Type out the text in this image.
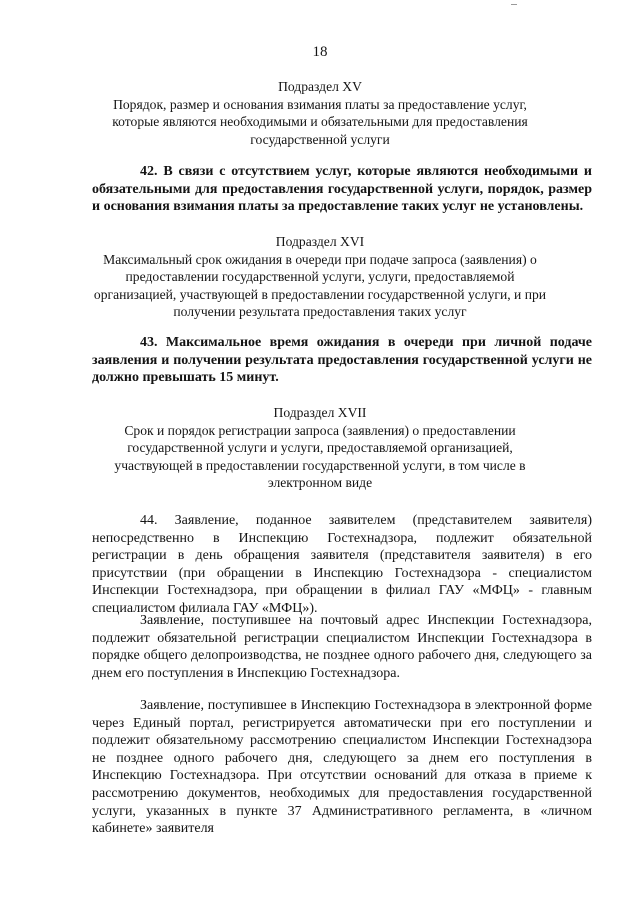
18
Подраздел XV
Порядок, размер и основания взимания платы за предоставление услуг, которые являются необходимыми и обязательными для предоставления государственной услуги

42. В связи с отсутствием услуг, которые являются необходимыми и обязательными для предоставления государственной услуги, порядок, размер и основания взимания платы за предоставление таких услуг не установлены.

Подраздел XVI
Максимальный срок ожидания в очереди при подаче запроса (заявления) о предоставлении государственной услуги, услуги, предоставляемой организацией, участвующей в предоставлении государственной услуги, и при получении результата предоставления таких услуг

43. Максимальное время ожидания в очереди при личной подаче заявления и получении результата предоставления государственной услуги не должно превышать 15 минут.

Подраздел XVII
Срок и порядок регистрации запроса (заявления) о предоставлении государственной услуги и услуги, предоставляемой организацией, участвующей в предоставлении государственной услуги, в том числе в электронном виде

44. Заявление, поданное заявителем (представителем заявителя) непосредственно в Инспекцию Гостехнадзора, подлежит обязательной регистрации в день обращения заявителя (представителя заявителя) в его присутствии (при обращении в Инспекцию Гостехнадзора - специалистом Инспекции Гостехнадзора, при обращении в филиал ГАУ «МФЦ» - главным специалистом филиала ГАУ «МФЦ»).

Заявление, поступившее на почтовый адрес Инспекции Гостехнадзора, подлежит обязательной регистрации специалистом Инспекции Гостехнадзора в порядке общего делопроизводства, не позднее одного рабочего дня, следующего за днем его поступления в Инспекцию Гостехнадзора.

Заявление, поступившее в Инспекцию Гостехнадзора в электронной форме через Единый портал, регистрируется автоматически при его поступлении и подлежит обязательному рассмотрению специалистом Инспекции Гостехнадзора не позднее одного рабочего дня, следующего за днем его поступления в Инспекцию Гостехнадзора. При отсутствии оснований для отказа в приеме к рассмотрению документов, необходимых для предоставления государственной услуги, указанных в пункте 37 Административного регламента, в «личном кабинете» заявителя
